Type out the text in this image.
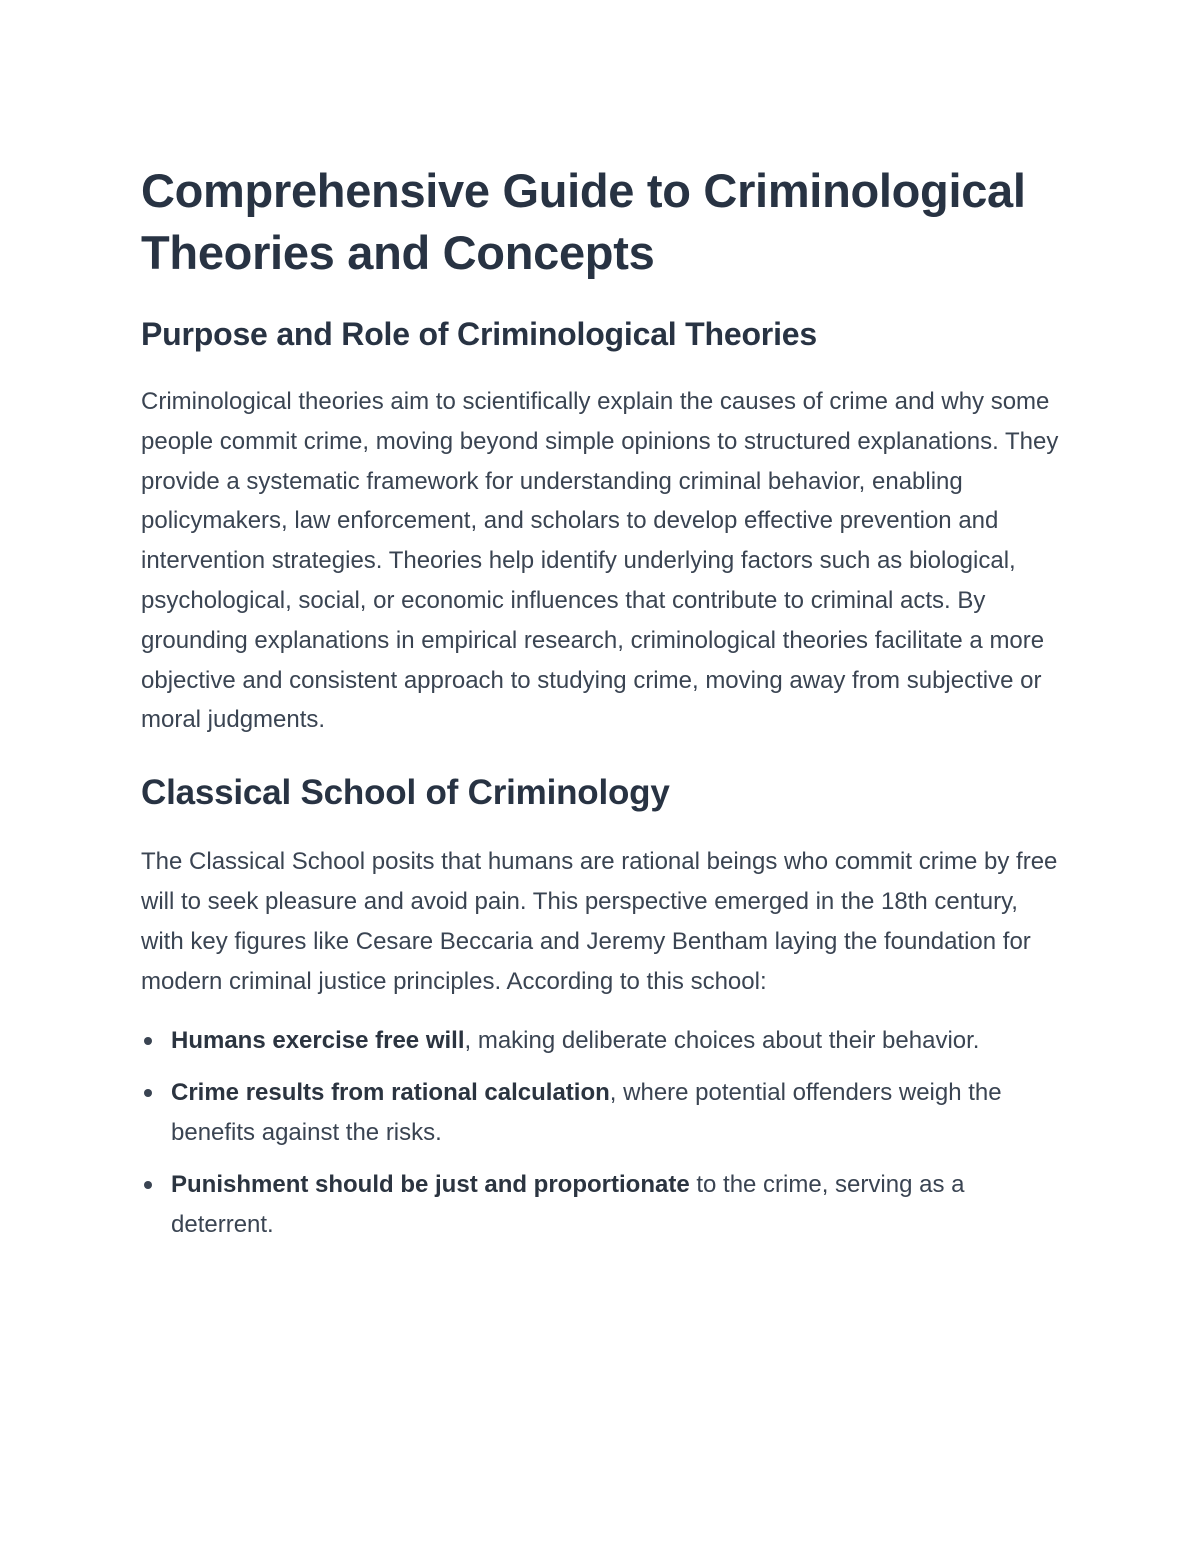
Comprehensive Guide to Criminological Theories and Concepts
Purpose and Role of Criminological Theories

Criminological theories aim to scientifically explain the causes of crime and why some people commit crime, moving beyond simple opinions to structured explanations. They provide a systematic framework for understanding criminal behavior, enabling policymakers, law enforcement, and scholars to develop effective prevention and intervention strategies. Theories help identify underlying factors such as biological, psychological, social, or economic influences that contribute to criminal acts. By grounding explanations in empirical research, criminological theories facilitate a more objective and consistent approach to studying crime, moving away from subjective or moral judgments.

Classical School of Criminology

The Classical School posits that humans are rational beings who commit crime by free will to seek pleasure and avoid pain. This perspective emerged in the 18th century, with key figures like Cesare Beccaria and Jeremy Bentham laying the foundation for modern criminal justice principles. According to this school:

Humans exercise free will, making deliberate choices about their behavior.
Crime results from rational calculation, where potential offenders weigh the benefits against the risks.
Punishment should be just and proportionate to the crime, serving as a deterrent.
